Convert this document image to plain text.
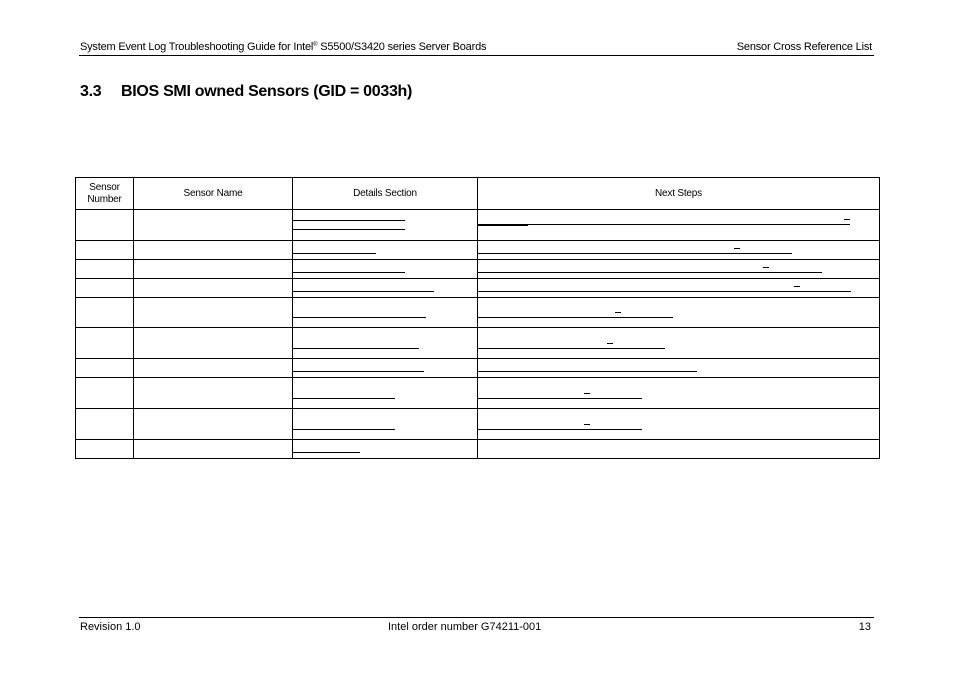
System Event Log Troubleshooting Guide for Intel® S5500/S3420 series Server Boards	Sensor Cross Reference List
3.3 BIOS SMI owned Sensors (GID = 0033h)
Sensor Number	Sensor Name	Details Section	Next Steps

Revision 1.0	Intel order number G74211-001	13
